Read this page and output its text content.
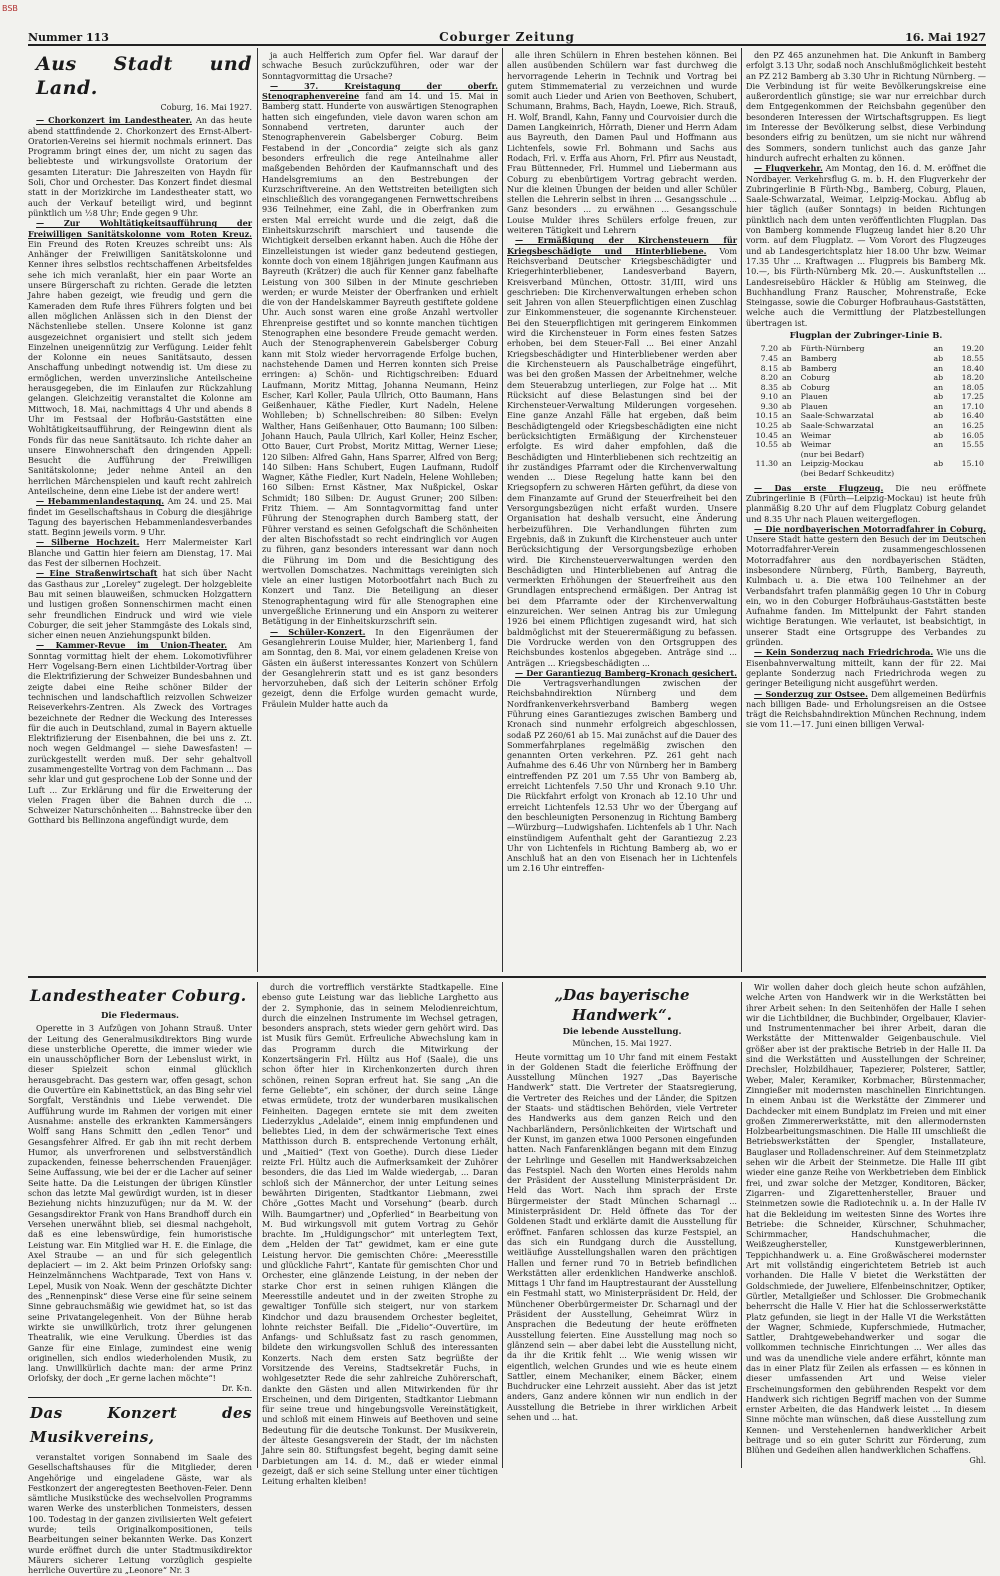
BSB
Nummer 113	Coburger Zeitung	16. Mai 1927
Aus Stadt und Land.
Coburg, 16. Mai 1927.

— Chorkonzert im Landestheater. An das heute abend stattfindende 2. Chorkonzert des Ernst-Albert-Oratorien-Vereins sei hiermit nochmals erinnert. Das Programm bringt eines der, um nicht zu sagen das beliebteste und wirkungsvollste Oratorium der gesamten Literatur: Die Jahreszeiten von Haydn für Soli, Chor und Orchester. Das Konzert findet diesmal statt in der Morizkirche im Landestheater statt, wo auch der Verkauf beteiligt wird, und beginnt pünktlich um ½8 Uhr; Ende gegen 9 Uhr.

— Zur Wohltätigkeitsaufführung der Freiwilligen Sanitätskolonne vom Roten Kreuz. Ein Freund des Roten Kreuzes schreibt uns: Als Anhänger der Freiwilligen Sanitätskolonne und Kenner ihres selbstlos rechtschaffenen Arbeitsfeldes sehe ich mich veranlaßt, hier ein paar Worte an unsere Bürgerschaft zu richten. Gerade die letzten Jahre haben gezeigt, wie freudig und gern die Kameraden dem Rufe ihres Führers folgten und bei allen möglichen Anlässen sich in den Dienst der Nächstenliebe stellen. Unsere Kolonne ist ganz ausgezeichnet organisiert und stellt sich jedem Einzelnen uneigennützig zur Verfügung. Leider fehlt der Kolonne ein neues Sanitätsauto, dessen Anschaffung unbedingt notwendig ist. Um diese zu ermöglichen, werden unverzinsliche Anteilscheine herausgegeben, die im Einlaufen zur Rückzahlung gelangen. Gleichzeitig veranstaltet die Kolonne am Mittwoch, 18. Mai, nachmittags 4 Uhr und abends 8 Uhr im Festsaal der Hofbräu-Gaststätten eine Wohltätigkeitsaufführung, der Reingewinn dient als Fonds für das neue Sanitätsauto. Ich richte daher an unsere Einwohnerschaft den dringenden Appell: Besucht die Aufführung der Freiwilligen Sanitätskolonne; jeder nehme Anteil an den herrlichen Märchenspielen und kauft recht zahlreich Anteilscheine, denn eine Liebe ist der andere wert!

— Hebammenlandestagung. Am 24. und 25. Mai findet im Gesellschaftshaus in Coburg die diesjährige Tagung des bayerischen Hebammenlandesverbandes statt. Beginn jeweils vorm. 9 Uhr.

— Silberne Hochzeit. Herr Malermeister Karl Blanche und Gattin hier feiern am Dienstag, 17. Mai das Fest der silbernen Hochzeit.

— Eine Straßenwirtschaft hat sich über Nacht das Gasthaus zur „Loreley“ zugelegt. Der holzgebleite Bau mit seinen blauweißen, schmucken Holzgattern und lustigen großen Sonnenschirmen macht einen sehr freundlichen Eindruck und wird wie viele Coburger, die seit jeher Stammgäste des Lokals sind, sicher einen neuen Anziehungspunkt bilden.

— Kammer-Revue im Union-Theater. Am Sonntag vormittag hielt der ehem. Lokomotivführer Herr Vogelsang-Bern einen Lichtbilder-Vortrag über die Elektrifizierung der Schweizer Bundesbahnen und zeigte dabei eine Reihe schöner Bilder der technischen und landschaftlich reizvollen Schweizer Reiseverkehrs-Zentren. Als Zweck des Vortrages bezeichnete der Redner die Weckung des Interesses für die auch in Deutschland, zumal in Bayern aktuelle Elektrifizierung der Eisenbahnen, die bei uns z. Zt. noch wegen Geldmangel — siehe Dawesfasten! — zurückgestellt werden muß. Der sehr gehaltvoll zusammengestellte Vortrag von dem Fachmann ... Das sehr klar und gut gesprochene Lob der Sonne und der Luft ... Zur Erklärung und für die Erweiterung der vielen Fragen über die Bahnen durch die ... Schweizer Naturschönheiten ... Bahnstrecke über den Gotthard bis Bellinzona angefündigt wurde, dem

ja auch Helfferich zum Opfer fiel. War darauf der schwache Besuch zurückzuführen, oder war der Sonntagvormittag die Ursache?

— 37. Kreistagung der oberfr. Stenographenvereine fand am 14. und 15. Mai in Bamberg statt. Hunderte von auswärtigen Stenographen hatten sich eingefunden, viele davon waren schon am Sonnabend vertreten, darunter auch der Stenographenverein Gabelsberger Coburg. Beim Festabend in der „Concordia“ zeigte sich als ganz besonders erfreulich die rege Anteilnahme aller maßgebenden Behörden der Kaufmannschaft und des Handelsgremiums an den Bestrebungen der Kurzschriftvereine. An den Wettstreiten beteiligten sich einschließlich des vorangegangenen Fernwettschreibens 936 Teilnehmer, eine Zahl, die in Oberfranken zum ersten Mal erreicht wurde und die zeigt, daß die Einheitskurzschrift marschiert und tausende die Wichtigkeit derselben erkannt haben. Auch die Höhe der Einzelleistungen ist wieder ganz bedeutend gestiegen, konnte doch von einem 18jährigen jungen Kaufmann aus Bayreuth (Krätzer) die auch für Kenner ganz fabelhafte Leistung von 300 Silben in der Minute geschrieben werden; er wurde Meister der Oberfranken und erhielt die von der Handelskammer Bayreuth gestiftete goldene Uhr. Auch sonst waren eine große Anzahl wertvoller Ehrenpreise gestiftet und so konnte manchen tüchtigen Stenographen eine besondere Freude gemacht werden. Auch der Stenographenverein Gabelsberger Coburg kann mit Stolz wieder hervorragende Erfolge buchen, nachstehende Damen und Herren konnten sich Preise erringen: a) Schön- und Richtigschreiben: Eduard Laufmann, Moritz Mittag, Johanna Neumann, Heinz Escher, Karl Koller, Paula Ullrich, Otto Baumann, Hans Geißenhauer, Käthe Fiedler, Kurt Nadeln, Helene Wohlleben; b) Schnellschreiben: 80 Silben: Evelyn Walther, Hans Geißenhauer, Otto Baumann; 100 Silben: Johann Hauch, Paula Ullrich, Karl Koller, Heinz Escher, Otto Bauer, Curt Probst, Moritz Mittag, Werner Liese; 120 Silben: Alfred Gahn, Hans Sparrer, Alfred von Berg; 140 Silben: Hans Schubert, Eugen Laufmann, Rudolf Wagner, Käthe Fiedler, Kurt Nadeln, Helene Wohlleben; 160 Silben: Ernst Kästner, Max Nußpickel, Oskar Schmidt; 180 Silben: Dr. August Gruner; 200 Silben: Fritz Thiem. — Am Sonntagvormittag fand unter Führung der Stenographen durch Bamberg statt, der Führer verstand es seinen Gefolgschaft die Schönheiten der alten Bischofsstadt so recht eindringlich vor Augen zu führen, ganz besonders interessant war dann noch die Führung im Dom und die Besichtigung des wertvollen Domschatzes. Nachmittags vereinigten sich viele an einer lustigen Motorbootfahrt nach Buch zu Konzert und Tanz. Die Beteiligung an dieser Stenographentagung wird für alle Stenographen eine unvergeßliche Erinnerung und ein Ansporn zu weiterer Betätigung in der Einheitskurzschrift sein.

— Schüler-Konzert. In den Eigenräumen der Gesanglehrerin Louise Mulder, hier, Marienberg 1, fand am Sonntag, den 8. Mai, vor einem geladenen Kreise von Gästen ein äußerst interessantes Konzert von Schülern der Gesanglehrerin statt und es ist ganz besonders hervorzuheben, daß sich der Leiterin schöner Erfolg gezeigt, denn die Erfolge wurden gemacht wurde, Fräulein Mulder hatte auch da

alle ihren Schülern in Ehren bestehen können. Bei allen ausübenden Schülern war fast durchweg die hervorragende Leherin in Technik und Vortrag bei gutem Stimmematerial zu verzeichnen und wurde somit auch Lieder und Arien von Beethoven, Schubert, Schumann, Brahms, Bach, Haydn, Loewe, Rich. Strauß, H. Wolf, Brandl, Kahn, Fanny und Courvoisier durch die Damen Langkeinrich, Hörrath, Diener und Herrn Adam aus Bayreuth, den Damen Paul und Hoffmann aus Lichtenfels, sowie Frl. Bohmann und Sachs aus Rodach, Frl. v. Erffa aus Ahorn, Frl. Pfirr aus Neustadt, Frau Büttenneder, Frl. Hummel und Liebermann aus Coburg zu ebenbürtigem Vortrag gebracht werden. Nur die kleinen Übungen der beiden und aller Schüler stellen die Lehrerin selbst in ihren ... Gesangsschule ... Ganz besonders ... zu erwähnen ... Gesangsschule Louise Mulder ihres Schülers erfolge freuen, zur weiteren Tätigkeit und Lehrern

— Ermäßigung der Kirchensteuern für Kriegsbeschädigte und Hinterbliebene. Vom Reichsverband Deutscher Kriegsbeschädigter und Kriegerhinterbliebener, Landesverband Bayern, Kreisverband München, Ottostr. 31/III, wird uns geschrieben: Die Kirchenverwaltungen erheben schon seit Jahren von allen Steuerpflichtigen einen Zuschlag zur Einkommensteuer, die sogenannte Kirchensteuer. Bei den Steuerpflichtigen mit geringerem Einkommen wird die Kirchensteuer in Form eines festen Satzes erhoben, bei dem Steuer-Fall ... Bei einer Anzahl Kriegsbeschädigter und Hinterbliebener werden aber die Kirchensteuern als Pauschalbeträge eingeführt, was bei den großen Massen der Arbeitnehmer, welche dem Steuerabzug unterliegen, zur Folge hat ... Mit Rücksicht auf diese Belastungen sind bei der Kirchensteuer-Verwaltung Milderungen vorgesehen. Eine ganze Anzahl Fälle hat ergeben, daß beim Beschädigtengeld oder Kriegsbeschädigten eine nicht berücksichtigten Ermäßigung der Kirchensteuer erfolgte. Es wird daher empfohlen, daß die Beschädigten und Hinterbliebenen sich rechtzeitig an ihr zuständiges Pfarramt oder die Kirchenverwaltung wenden ... Diese Regelung hatte kann bei den Kriegsopfern zu schweren Härten geführt, da diese von dem Finanzamte auf Grund der Steuerfreiheit bei den Versorgungsbezügen nicht erfaßt wurden. Unsere Organisation hat deshalb versucht, eine Änderung herbeizuführen. Die Verhandlungen führten zum Ergebnis, daß in Zukunft die Kirchensteuer auch unter Berücksichtigung der Versorgungsbezüge erhoben wird. Die Kirchensteuerverwaltungen werden den Beschädigten und Hinterbliebenen auf Antrag die vermerkten Erhöhungen der Steuerfreiheit aus den Grundlagen entsprechend ermäßigen. Der Antrag ist bei dem Pfarramte oder der Kirchenverwaltung einzureichen. Wer seinen Antrag bis zur Umlegung 1926 bei einem Pflichtigen zugesandt wird, hat sich baldmöglichst mit der Steuerermäßigung zu befassen. Die Vordrucke werden von den Ortsgruppen des Reichsbundes kostenlos abgegeben. Anträge sind ... Anträgen ... Kriegsbeschädigten ...

— Der Garantiezug Bamberg–Kronach gesichert. Die Vertragsverhandlungen zwischen der Reichsbahndirektion Nürnberg und dem Nordfrankenverkehrsverband Bamberg wegen Führung eines Garantiezuges zwischen Bamberg und Kronach sind nunmehr erfolgreich abgeschlossen, sodaß PZ 260/61 ab 15. Mai zunächst auf die Dauer des Sommerfahrplanes regelmäßig zwischen den genannten Orten verkehren. PZ. 261 geht nach Aufnahme des 6.46 Uhr von Nürnberg her in Bamberg eintreffenden PZ 201 um 7.55 Uhr von Bamberg ab, erreicht Lichtenfels 7.50 Uhr und Kronach 9.10 Uhr. Die Rückfahrt erfolgt von Kronach ab 12.10 Uhr und erreicht Lichtenfels 12.53 Uhr wo der Übergang auf den beschleunigten Personenzug in Richtung Bamberg—Würzburg—Ludwigshafen. Lichtenfels ab 1 Uhr. Nach einstündigem Aufenthalt geht der Garantiezug 2.23 Uhr von Lichtenfels in Richtung Bamberg ab, wo er Anschluß hat an den von Eisenach her in Lichtenfels um 2.16 Uhr eintreffen-

den PZ 465 anzunehmen hat. Die Ankunft in Bamberg erfolgt 3.13 Uhr, sodaß noch Anschlußmöglichkeit besteht an PZ 212 Bamberg ab 3.30 Uhr in Richtung Nürnberg. — Die Verbindung ist für weite Bevölkerungskreise eine außerordentlich günstige; sie war nur erreichbar durch dem Entgegenkommen der Reichsbahn gegenüber den besonderen Interessen der Wirtschaftsgruppen. Es liegt im Interesse der Bevölkerung selbst, diese Verbindung besonders eifrig zu benützen, um sie nicht nur während des Sommers, sondern tunlichst auch das ganze Jahr hindurch aufrecht erhalten zu können.

— Flugverkehr. Am Montag, den 16. d. M. eröffnet die Nordbayer. Verkehrsflug G. m. b. H. den Flugverkehr der Zubringerlinie B Fürth-Nbg., Bamberg, Coburg, Plauen, Saale-Schwarzatal, Weimar, Leipzig-Mockau. Abflug ab hier täglich (außer Sonntags) in beiden Richtungen pünktlich nach dem unten veröffentlichten Flugplan. Das von Bamberg kommende Flugzeug landet hier 8.20 Uhr vorm. auf dem Flugplatz. — Vom Vorort des Flugzeuges und ab Landesgerichtsplatz hier 18.00 Uhr bzw. Weimar 17.35 Uhr ... Kraftwagen ... Flugpreis bis Bamberg Mk. 10.—, bis Fürth-Nürnberg Mk. 20.—. Auskunftstellen ... Landesreisebüro Häckler & Hüblig am Steinweg, die Buchhandlung Franz Rauscher, Mohrenstraße, Ecke Steingasse, sowie die Coburger Hofbrauhaus-Gaststätten, welche auch die Vermittlung der Platzbestellungen übertragen ist.

Flugplan der Zubringer-Linie B.
7.20	ab	Fürth-Nürnberg	an	19.20
7.45	an	Bamberg	ab	18.55
8.15	ab	Bamberg	an	18.40
8.20	an	Coburg	ab	18.20
8.35	ab	Coburg	an	18.05
9.10	an	Plauen	ab	17.25
9.30	ab	Plauen	an	17.10
10.15	an	Saale-Schwarzatal	ab	16.40
10.25	ab	Saale-Schwarzatal	an	16.25
10.45	an	Weimar	ab	16.05
10.55	ab	Weimar	an	15.55
		(nur bei Bedarf)		
11.30	an	Leipzig-Mockau	ab	15.10
		(bei Bedarf Schkeuditz)		

— Das erste Flugzeug. Die neu eröffnete Zubringerlinie B (Fürth—Leipzig-Mockau) ist heute früh planmäßig 8.20 Uhr auf dem Flugplatz Coburg gelandet und 8.35 Uhr nach Plauen weitergeflogen.

— Die nordbayerischen Motorradfahrer in Coburg. Unsere Stadt hatte gestern den Besuch der im Deutschen Motorradfahrer-Verein zusammengeschlossenen Motorradfahrer aus den nordbayerischen Städten, insbesondere Nürnberg, Fürth, Bamberg, Bayreuth, Kulmbach u. a. Die etwa 100 Teilnehmer an der Verbandsfahrt trafen planmäßig gegen 10 Uhr in Coburg ein, wo in den Coburger Hofbräuhaus-Gaststätten beste Aufnahme fanden. Im Mittelpunkt der Fahrt standen wichtige Beratungen. Wie verlautet, ist beabsichtigt, in unserer Stadt eine Ortsgruppe des Verbandes zu gründen.

— Kein Sonderzug nach Friedrichroda. Wie uns die Eisenbahnverwaltung mitteilt, kann der für 22. Mai geplante Sonderzug nach Friedrichroda wegen zu geringer Beteiligung nicht ausgeführt werden.

— Sonderzug zur Ostsee. Dem allgemeinen Bedürfnis nach billigen Bade- und Erholungsreisen an die Ostsee trägt die Reichsbahndirektion München Rechnung, indem sie vom 11.—17. Juni einen billigen Verwal-

Landestheater Coburg.
Die Fledermaus.

Operette in 3 Aufzügen von Johann Strauß. Unter der Leitung des Generalmusikdirektors Bing wurde diese unsterbliche Operette, die immer wieder wie ein unausschöpflicher Born der Lebenslust wirkt, in dieser Spielzeit schon einmal glücklich herausgebracht. Das gestern war, offen gesagt, schon die Ouvertüre ein Kabinettstück, an das Bing sehr viel Sorgfalt, Verständnis und Liebe verwendet. Die Aufführung wurde im Rahmen der vorigen mit einer Ausnahme: anstelle des erkrankten Kammersängers Wolff sang Hans Schmitt den „edlen Tenor“ und Gesangsfehrer Alfred. Er gab ihn mit recht derbem Humor, als unverfrorenen und selbstverständlich zupackenden, feinesse beherrschenden Frauenjäger. Seine Auffassung, wie bei der er die Lacher auf seiner Seite hatte. Da die Leistungen der übrigen Künstler schon das letzte Mal gewürdigt wurden, ist in dieser Beziehung nichts hinzuzufügen; nur da M. W. der Gesangsdirektor Frank von Hans Brandhoff durch ein Versehen unerwähnt blieb, sei diesmal nachgeholt, daß es eine lebenswürdige, fein humoristische Leistung war. Ein Mitglied war H. E. die Einlage, die Axel Straube — an und für sich gelegentlich deplaciert — im 2. Akt beim Prinzen Orlofsky sang: Heinzelmännchens Wachtparade, Text von Hans v. Lepel, Musik von Noak. Wenn der geschätzte Dichter des „Rennenpinsk“ diese Verse eine für seine seinem Sinne gebrauchsmäßig wie gewidmet hat, so ist das seine Privatangelegenheit. Von der Bühne herab wirkte sie unwillkürlich, trotz ihrer gelungenen Theatralik, wie eine Verulkung. Überdies ist das Ganze für eine Einlage, zumindest eine wenig originellen, sich endlos wiederholenden Musik, zu lang. Unwillkürlich dachte man: der arme Prinz Orlofsky, der doch „Er gerne lachen möchte“!

Dr. K-n.
Das Konzert des Musikvereins,

veranstaltet vorigen Sonnabend im Saale des Gesellschaftshauses für die Mitglieder, deren Angehörige und eingeladene Gäste, war als Festkonzert der angeregtesten Beethoven-Feier. Denn sämtliche Musikstücke des wechselvollen Programms waren Werke des unsterblichen Tonmeisters, dessen 100. Todestag in der ganzen zivilisierten Welt gefeiert wurde; teils Originalkompositionen, teils Bearbeitungen seiner bekannten Werke. Das Konzert wurde eröffnet durch die unter Stadtmusikdirektor Mäurers sicherer Leitung vorzüglich gespielte herrliche Ouvertüre zu „Leonore“ Nr. 3

durch die vortrefflich verstärkte Stadtkapelle. Eine ebenso gute Leistung war das liebliche Larghetto aus der 2. Symphonie, das in seinem Melodienreichtum, durch die einzelnen Instrumente im Wechsel getragen, besonders ansprach, stets wieder gern gehört wird. Das ist Musik fürs Gemüt. Erfreuliche Abwechslung kam in das Programm durch die Mitwirkung der Konzertsängerin Frl. Hültz aus Hof (Saale), die uns schon öfter hier in Kirchenkonzerten durch ihren schönen, reinen Sopran erfreut hat. Sie sang „An die ferne Geliebte“, ein schöner, der durch seine Länge etwas ermüdete, trotz der wunderbaren musikalischen Feinheiten. Dagegen erntete sie mit dem zweiten Liederzyklus „Adelaide“, einem innig empfundenen und beliebtes Lied, in dem der schwärmerische Text eines Matthisson durch B. entsprechende Vertonung erhält, und „Maitied“ (Text von Goethe). Durch diese Lieder reizte Frl. Hültz auch die Aufmerksamkeit der Zuhörer besonders, die das Lied im Walde wiedergab, ... Daran schloß sich der Männerchor, der unter Leitung seines bewährten Dirigenten, Stadtkantor Liebmann, zwei Chöre „Gottes Macht und Vorsehung“ (bearb. durch Wilh. Baumgartner) und „Opferlied“ in Bearbeitung von M. Bud wirkungsvoll mit gutem Vortrag zu Gehör brachte. Im „Huldigungschor“ mit unterlegtem Text, dem „Helden der Tat“ gewidmet, kam er eine gute Leistung hervor. Die gemischten Chöre: „Meeresstille und glückliche Fahrt“, Kantate für gemischten Chor und Orchester, eine glänzende Leistung, in der neben der starke Chor erst in seinen ruhigen Klängen die Meeresstille andeutet und in der zweiten Strophe zu gewaltiger Tonfülle sich steigert, nur von starkem Kindchor und dazu brausendem Orchester begleitet, lohnte reichster Beifall. Die „Fidelio“-Ouvertüre, im Anfangs- und Schlußsatz fast zu rasch genommen, bildete den wirkungsvollen Schluß des interessanten Konzerts. Nach dem ersten Satz begrüßte der Vorsitzende des Vereins, Stadtsekretär Fuchs, in wohlgesetzter Rede die sehr zahlreiche Zuhörerschaft, dankte den Gästen und allen Mitwirkenden für ihr Erscheinen, und dem Dirigenten, Stadtkantor Liebmann für seine treue und hingebungsvolle Vereinstätigkeit, und schloß mit einem Hinweis auf Beethoven und seine Bedeutung für die deutsche Tonkunst. Der Musikverein, der älteste Gesangsverein der Stadt, der im nächsten Jahre sein 80. Stiftungsfest begeht, beging damit seine Darbietungen am 14. d. M., daß er wieder einmal gezeigt, daß er sich seine Stellung unter einer tüchtigen Leitung erhalten kleiben!

„Das bayerische Handwerk“.
Die lebende Ausstellung.
München, 15. Mai 1927.

Heute vormittag um 10 Uhr fand mit einem Festakt in der Goldenen Stadt die feierliche Eröffnung der Ausstellung München 1927 „Das Bayerische Handwerk“ statt. Die Vertreter der Staatsregierung, die Vertreter des Reiches und der Länder, die Spitzen der Staats- und städtischen Behörden, viele Vertreter des Handwerks aus dem ganzen Reich und den Nachbarländern, Persönlichkeiten der Wirtschaft und der Kunst, im ganzen etwa 1000 Personen eingefunden hatten. Nach Fanfarenklängen begann mit dem Einzug der Lehrlinge und Gesellen mit Handwerksabzeichen das Festspiel. Nach den Worten eines Herolds nahm der Präsident der Ausstellung Ministerpräsident Dr. Held das Wort. Nach ihm sprach der Erste Bürgermeister der Stadt München Scharnagl ... Ministerpräsident Dr. Held öffnete das Tor der Goldenen Stadt und erklärte damit die Ausstellung für eröffnet. Fanfaren schlossen das kurze Festspiel, an das sich ein Rundgang durch die Ausstellung, weitläufige Ausstellungshallen waren den prächtigen Hallen und ferner rund 70 in Betrieb befindlichen Werkstätten aller erdenklichen Handwerke anschloß. Mittags 1 Uhr fand im Hauptrestaurant der Ausstellung ein Festmahl statt, wo Ministerpräsident Dr. Held, der Münchener Oberbürgermeister Dr. Scharnagl und der Präsident der Ausstellung, Geheimrat Würz in Ansprachen die Bedeutung der heute eröffneten Ausstellung feierten. Eine Ausstellung mag noch so glänzend sein — aber dabei lebt die Ausstellung nicht, da ihr die Kritik fehlt ... Wie wenig wissen wir eigentlich, welchen Grundes und wie es heute einem Sattler, einem Mechaniker, einem Bäcker, einem Buchdrucker eine Lehrzeit aussieht. Aber das ist jetzt anders, Ganz andere können wir nun endlich in der Ausstellung die Betriebe in ihrer wirklichen Arbeit sehen und ... hat.

Wir wollen daher doch gleich heute schon aufzählen, welche Arten von Handwerk wir in die Werkstätten bei ihrer Arbeit sehen: In den Seitenhöfen der Halle I sehen wir die Lichtbildner, die Buchbinder, Orgelbauer, Klavier- und Instrumentenmacher bei ihrer Arbeit, daran die Werkstätte der Mittenwalder Geigenbauschule. Viel größer aber ist der praktische Betrieb in der Halle II. Da sind die Werkstätten und Ausstellungen der Schreiner, Drechsler, Holzbildhauer, Tapezierer, Polsterer, Sattler, Weber, Maler, Keramiker, Korbmacher, Bürstenmacher, Zinngießer mit modernsten maschinellen Einrichtungen. In einem Anbau ist die Werkstätte der Zimmerer und Dachdecker mit einem Bundplatz im Freien und mit einer großen Zimmererwerkstätte, mit den allermodernsten Holzbearbeitungsmaschinen. Die Halle III umschließt die Betriebswerkstätten der Spengler, Installateure, Bauglaser und Rolladenschreiner. Auf dem Steinmetzplatz sehen wir die Arbeit der Steinmetze. Die Halle III gibt wieder eine ganze Reihe von Werkbetrieben dem Einblick frei, und zwar solche der Metzger, Konditoren, Bäcker, Zigarren- und Zigarettenhersteller, Brauer und Steinmetzen sowie die Radiotechnik u. a. In der Halle IV hat die Bekleidung im weitesten Sinne des Wortes ihre Betriebe: die Schneider, Kürschner, Schuhmacher, Schirmmacher, Handschuhmacher, die Weißzeughersteller, Kunstgewerblerinnen, Teppichhandwerk u. a. Eine Großwäscherei modernster Art mit vollständig eingerichtetem Betrieb ist auch vorhanden. Die Halle V bietet die Werkstätten der Goldschmiede, der Juweliere, Elfenbeinschnitzer, Optiker, Gürtler, Metallgießer und Schlosser. Die Grobmechanik beherrscht die Halle V. Hier hat die Schlosserwerkstätte Platz gefunden, sie liegt in der Halle VI die Werkstätten der Wagner, Schmiede, Kupferschmiede, Hutmacher, Sattler, Drahtgewebehandwerker und sogar die vollkommen technische Einrichtungen ... Wer alles das und was da unendliche viele andere erfährt, könnte man das in einer Platz für Zeilen als erfassen — es können in dieser umfassenden Art und Weise vieler Erscheinungsformen den gebührenden Respekt vor dem Handwerk sich richtigen Begriff machen von der Summe ernster Arbeiten, die das Handwerk leistet ... In diesem Sinne möchte man wünschen, daß diese Ausstellung zum Kennen- und Verstehenlernen handwerklicher Arbeit beitrage und so ein guter Schritt zur Förderung, zum Blühen und Gedeihen allen handwerklichen Schaffens.

Ghl.
